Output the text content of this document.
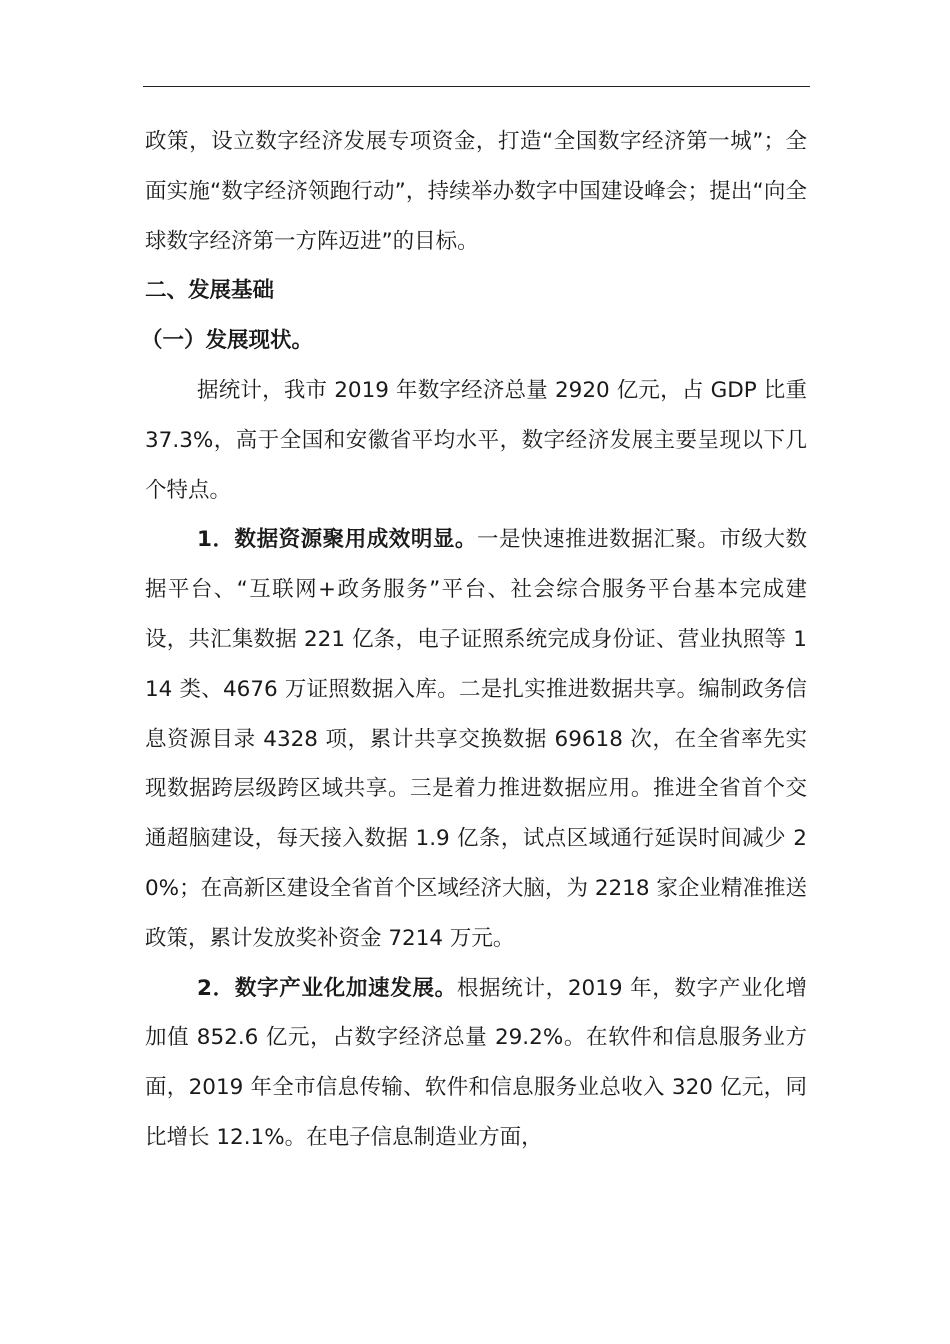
政策，设立数字经济发展专项资金，打造“全国数字经济第一城”；全面实施“数字经济领跑行动”，持续举办数字中国建设峰会；提出“向全球数字经济第一方阵迈进”的目标。

二、发展基础

（一）发展现状。

据统计，我市 2019 年数字经济总量 2920 亿元，占 GDP 比重 37.3%，高于全国和安徽省平均水平，数字经济发展主要呈现以下几个特点。

1．数据资源聚用成效明显。一是快速推进数据汇聚。市级大数据平台、“互联网+政务服务”平台、社会综合服务平台基本完成建设，共汇集数据 221 亿条，电子证照系统完成身份证、营业执照等 114 类、4676 万证照数据入库。二是扎实推进数据共享。编制政务信息资源目录 4328 项，累计共享交换数据 69618 次，在全省率先实现数据跨层级跨区域共享。三是着力推进数据应用。推进全省首个交通超脑建设，每天接入数据 1.9 亿条，试点区域通行延误时间减少 20%；在高新区建设全省首个区域经济大脑，为 2218 家企业精准推送政策，累计发放奖补资金 7214 万元。

2．数字产业化加速发展。根据统计，2019 年，数字产业化增加值 852.6 亿元，占数字经济总量 29.2%。在软件和信息服务业方面，2019 年全市信息传输、软件和信息服务业总收入 320 亿元，同比增长 12.1%。在电子信息制造业方面，
